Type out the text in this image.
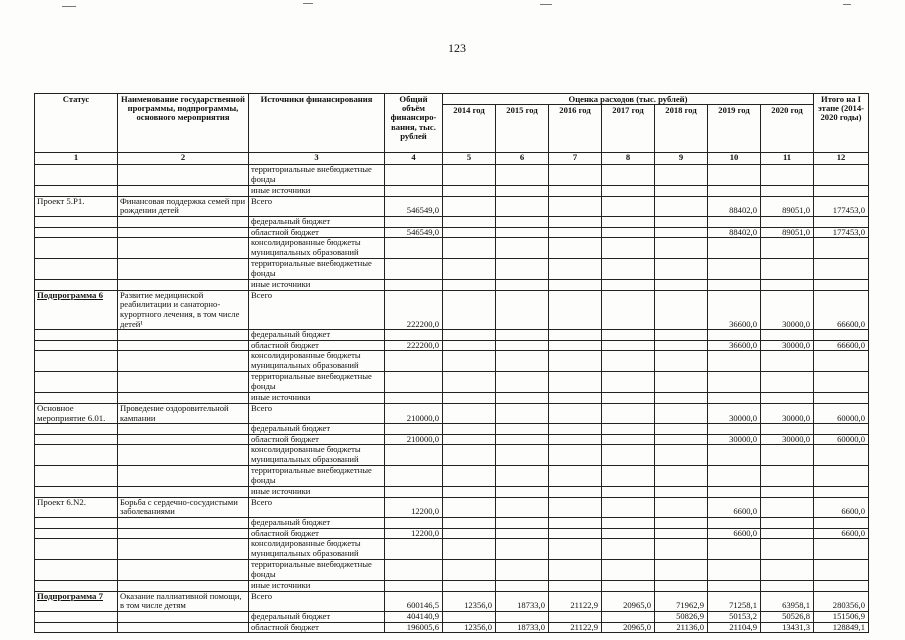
123
Статус	Наименование государственной программы, подпрограммы, основного мероприятия	Источники финансирования	Общий объём финансиро-вания, тыс. рублей	Оценка расходов (тыс. рублей)							Итого на I этапе (2014-2020 годы)
				2014 год	2015 год	2016 год	2017 год	2018 год	2019 год	2020 год	
1	2	3	4	5	6	7	8	9	10	11	12
		территориальные внебюджетные фонды									
		иные источники									
Проект 5.Р1.	Финансовая поддержка семей при рождении детей	Всего	546549,0						88402,0	89051,0	177453,0
		федеральный бюджет									
		областной бюджет	546549,0						88402,0	89051,0	177453,0
		консолидированные бюджеты муниципальных образований									
		территориальные внебюджетные фонды									
		иные источники									
Подпрограмма 6	Развитие медицинской реабилитации и санаторно-курортного лечения, в том числе детей¹	Всего	222200,0						36600,0	30000,0	66600,0
		федеральный бюджет									
		областной бюджет	222200,0						36600,0	30000,0	66600,0
		консолидированные бюджеты муниципальных образований									
		территориальные внебюджетные фонды									
		иные источники									
Основное мероприятие 6.01.	Проведение оздоровительной кампании	Всего	210000,0						30000,0	30000,0	60000,0
		федеральный бюджет									
		областной бюджет	210000,0						30000,0	30000,0	60000,0
		консолидированные бюджеты муниципальных образований									
		территориальные внебюджетные фонды									
		иные источники									
Проект 6.N2.	Борьба с сердечно-сосудистыми заболеваниями	Всего	12200,0						6600,0		6600,0
		федеральный бюджет									
		областной бюджет	12200,0						6600,0		6600,0
		консолидированные бюджеты муниципальных образований									
		территориальные внебюджетные фонды									
		иные источники									
Подпрограмма 7	Оказание паллиативной помощи, в том числе детям	Всего	600146,5	12356,0	18733,0	21122,9	20965,0	71962,9	71258,1	63958,1	280356,0
		федеральный бюджет	404140,9					50826,9	50153,2	50526,8	151506,9
		областной бюджет	196005,6	12356,0	18733,0	21122,9	20965,0	21136,0	21104,9	13431,3	128849,1
